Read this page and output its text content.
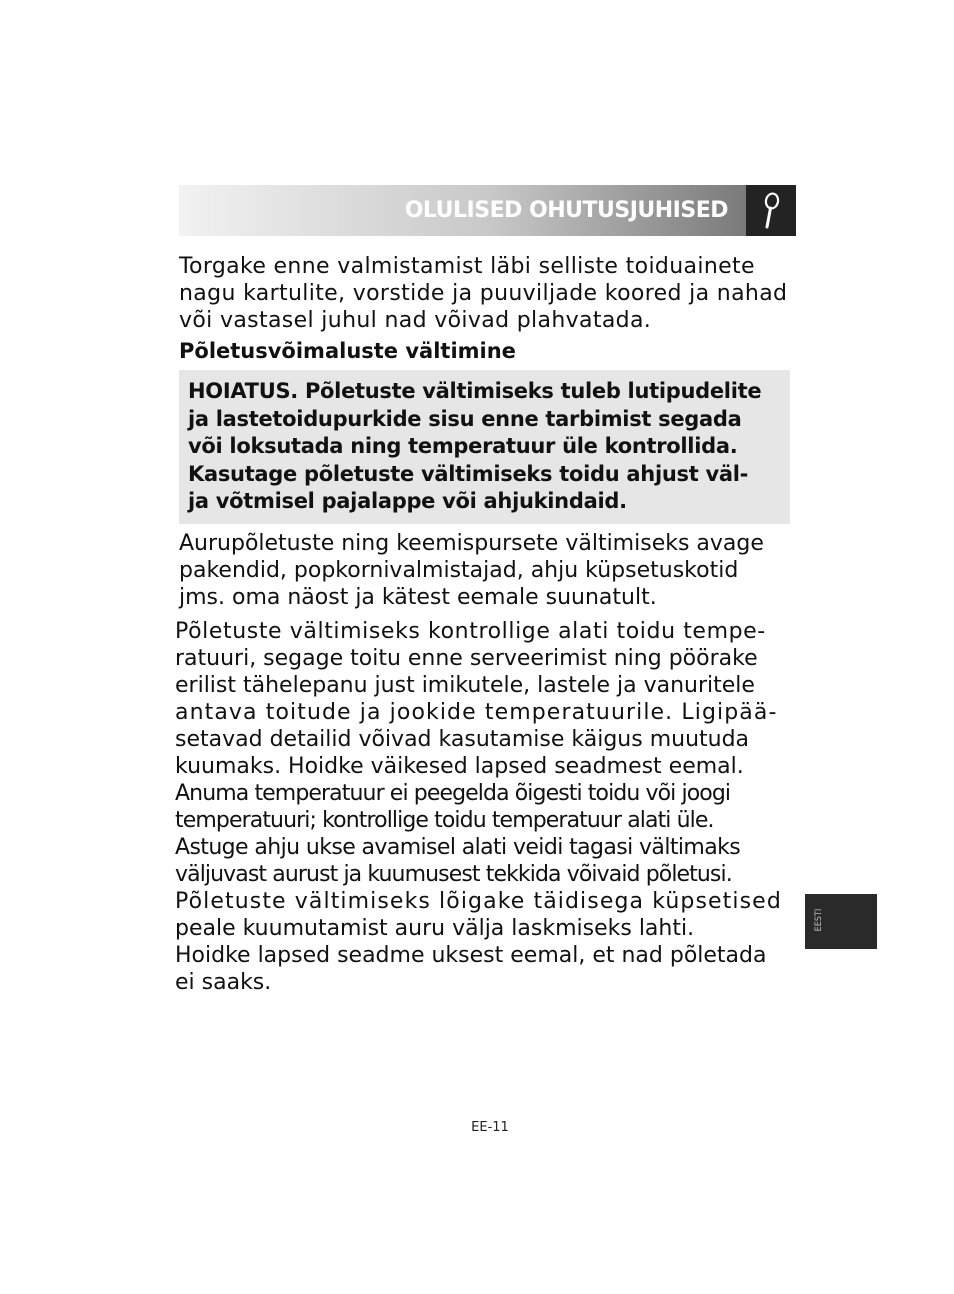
OLULISED OHUTUSJUHISED

Torgake enne valmistamist läbi selliste toiduainete nagu kartulite, vorstide ja puuviljade koored ja nahad või vastasel juhul nad võivad plahvatada.

Põletusvõimaluste vältimine

HOIATUS. Põletuste vältimiseks tuleb lutipudelite

ja lastetoidupurkide sisu enne tarbimist segada

või loksutada ning temperatuur üle kontrollida.

Kasutage põletuste vältimiseks toidu ahjust väl-

ja võtmisel pajalappe või ahjukindaid.

Aurupõletuste ning keemispursete vältimiseks avage pakendid, popkornivalmistajad, ahju küpsetuskotid jms. oma näost ja kätest eemale suunatult.

Põletuste vältimiseks kontrollige alati toidu tempe-

ratuuri, segage toitu enne serveerimist ning pöörake

erilist tähelepanu just imikutele, lastele ja vanuritele

antava toitude ja jookide temperatuurile. Ligipää-

setavad detailid võivad kasutamise käigus muutuda

kuumaks. Hoidke väikesed lapsed seadmest eemal.

Anuma temperatuur ei peegelda õigesti toidu või joogi

temperatuuri; kontrollige toidu temperatuur alati üle.

Astuge ahju ukse avamisel alati veidi tagasi vältimaks

väljuvast aurust ja kuumusest tekkida võivaid põletusi.

Põletuste vältimiseks lõigake täidisega küpsetised

peale kuumutamist auru välja laskmiseks lahti.

Hoidke lapsed seadme uksest eemal, et nad põletada

ei saaks.

EESTI
EE-11
